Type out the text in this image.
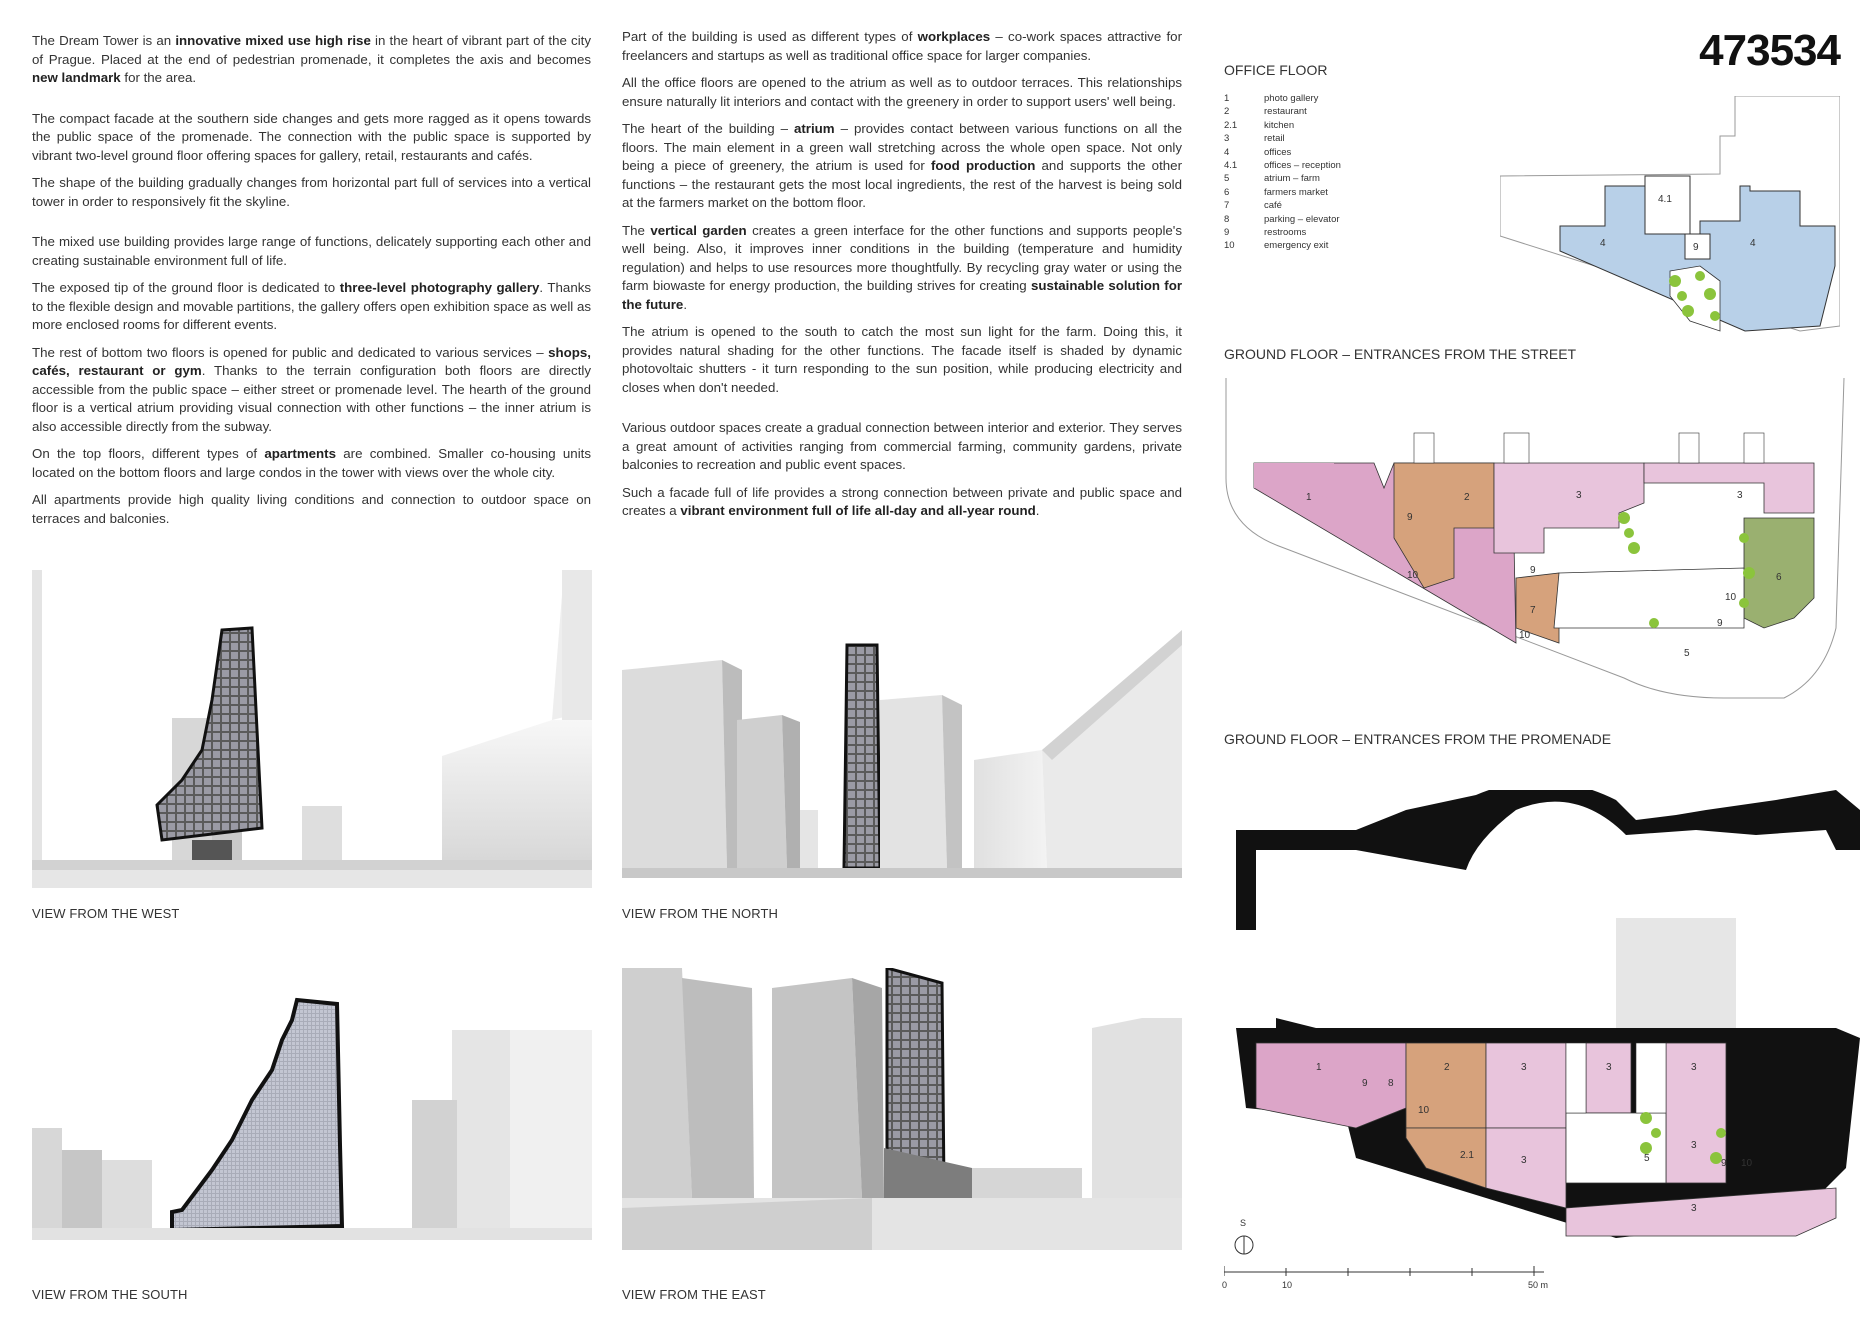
The Dream Tower is an innovative mixed use high rise in the heart of vibrant part of the city of Prague. Placed at the end of pedestrian promenade, it completes the axis and becomes new landmark for the area.

The compact facade at the southern side changes and gets more ragged as it opens towards the public space of the promenade. The connection with the public space is supported by vibrant two-level ground floor offering spaces for gallery, retail, restaurants and cafés.

The shape of the building gradually changes from horizontal part full of services into a vertical tower in order to responsively fit the skyline.

The mixed use building provides large range of functions, delicately supporting each other and creating sustainable environment full of life.

The exposed tip of the ground floor is dedicated to three-level photography gallery. Thanks to the flexible design and movable partitions, the gallery offers open exhibition space as well as more enclosed rooms for different events.

The rest of bottom two floors is opened for public and dedicated to various services – shops, cafés, restaurant or gym. Thanks to the terrain configuration both floors are directly accessible from the public space – either street or promenade level. The hearth of the ground floor is a vertical atrium providing visual connection with other functions – the inner atrium is also accessible directly from the subway.

On the top floors, different types of apartments are combined. Smaller co-housing units located on the bottom floors and large condos in the tower with views over the whole city.

All apartments provide high quality living conditions and connection to outdoor space on terraces and balconies.

Part of the building is used as different types of workplaces – co-work spaces attractive for freelancers and startups as well as traditional office space for larger companies.

All the office floors are opened to the atrium as well as to outdoor terraces. This relationships ensure naturally lit interiors and contact with the greenery in order to support users' well being.

The heart of the building – atrium – provides contact between various functions on all the floors. The main element in a green wall stretching across the whole open space. Not only being a piece of greenery, the atrium is used for food production and supports the other functions – the restaurant gets the most local ingredients, the rest of the harvest is being sold at the farmers market on the bottom floor.

The vertical garden creates a green interface for the other functions and supports people's well being. Also, it improves inner conditions in the building (temperature and humidity regulation) and helps to use resources more thoughtfully. By recycling gray water or using the farm biowaste for energy production, the building strives for creating sustainable solution for the future.

The atrium is opened to the south to catch the most sun light for the farm. Doing this, it provides natural shading for the other functions. The facade itself is shaded by dynamic photovoltaic shutters - it turn responding to the sun position, while producing electricity and closes when don't needed.

Various outdoor spaces create a gradual connection between interior and exterior. They serves a great amount of activities ranging from commercial farming, community gardens, private balconies to recreation and public event spaces.

Such a facade full of life provides a strong connection between private and public space and creates a vibrant environment full of life all-day and all-year round.

473534
VIEW FROM THE WEST	VIEW FROM THE NORTH
VIEW FROM THE SOUTH	VIEW FROM THE EAST
OFFICE FLOOR
GROUND FLOOR – ENTRANCES FROM THE STREET
GROUND FLOOR – ENTRANCES FROM THE PROMENADE
1	photo gallery
2	restaurant
2.1	kitchen
3	retail
4	offices
4.1	offices – reception
5	atrium – farm
6	farmers market
7	café
8	parking – elevator
9	restrooms
10	emergency exit
4.1
4	9	4
1
9
10
2	3	3
9
7
10
9
10
5
6
1
9 8
10
2
2.1
3
3
3	3
3
5	9 10
3
S
0	10	50 m
